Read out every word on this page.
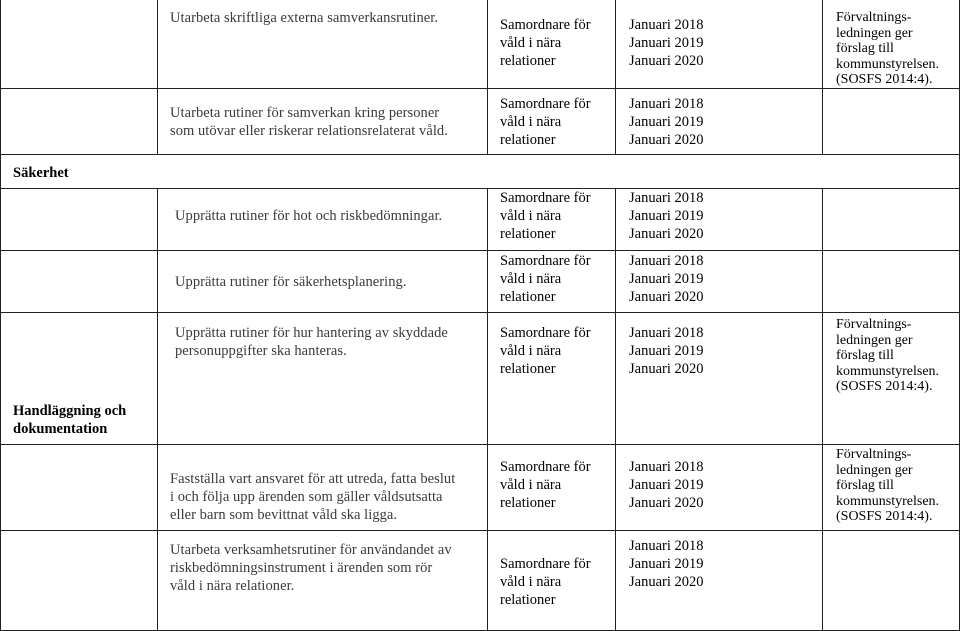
Säkerhet
Handläggning och
dokumentation
Utarbeta skriftliga externa samverkansrutiner.	Samordnare för
våld i nära
relationer
Januari 2018
Januari 2019
Januari 2020
Förvaltnings-
ledningen ger
förslag till
kommunstyrelsen.
(SOSFS 2014:4).
Utarbeta rutiner för samverkan kring personer
som utövar eller riskerar relationsrelaterat våld.
Samordnare för
våld i nära
relationer
Januari 2018
Januari 2019
Januari 2020
Upprätta rutiner för hot och riskbedömningar.
Samordnare för
våld i nära
relationer
Januari 2018
Januari 2019
Januari 2020
Upprätta rutiner för säkerhetsplanering.
Samordnare för
våld i nära
relationer
Januari 2018
Januari 2019
Januari 2020
Upprätta rutiner för hur hantering av skyddade
personuppgifter ska hanteras.
Samordnare för
våld i nära
relationer
Januari 2018
Januari 2019
Januari 2020
Förvaltnings-
ledningen ger
förslag till
kommunstyrelsen.
(SOSFS 2014:4).
Fastställa vart ansvaret för att utreda, fatta beslut
i och följa upp ärenden som gäller våldsutsatta
eller barn som bevittnat våld ska ligga.
Samordnare för
våld i nära
relationer
Januari 2018
Januari 2019
Januari 2020
Förvaltnings-
ledningen ger
förslag till
kommunstyrelsen.
(SOSFS 2014:4).
Utarbeta verksamhetsrutiner för användandet av
riskbedömningsinstrument i ärenden som rör
våld i nära relationer.
Samordnare för
våld i nära
relationer
Januari 2018
Januari 2019
Januari 2020
